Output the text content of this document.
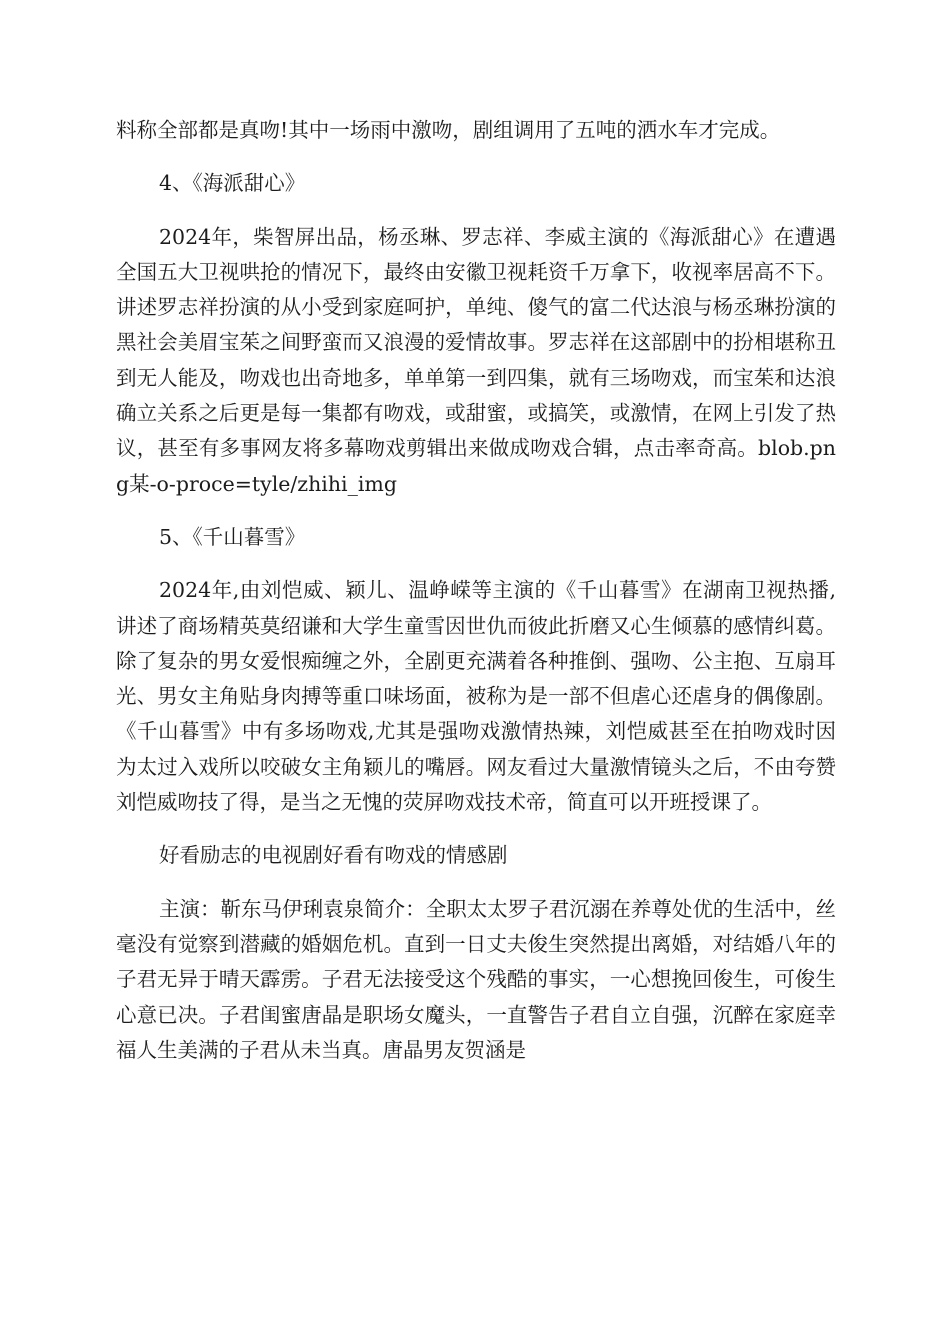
料称全部都是真吻!其中一场雨中激吻，剧组调用了五吨的洒水车才完成。

4、《海派甜心》

2024年，柴智屏出品，杨丞琳、罗志祥、李威主演的《海派甜心》在遭遇全国五大卫视哄抢的情况下，最终由安徽卫视耗资千万拿下，收视率居高不下。讲述罗志祥扮演的从小受到家庭呵护，单纯、傻气的富二代达浪与杨丞琳扮演的黑社会美眉宝茱之间野蛮而又浪漫的爱情故事。罗志祥在这部剧中的扮相堪称丑到无人能及，吻戏也出奇地多，单单第一到四集，就有三场吻戏，而宝茱和达浪确立关系之后更是每一集都有吻戏，或甜蜜，或搞笑，或激情，在网上引发了热议，甚至有多事网友将多幕吻戏剪辑出来做成吻戏合辑，点击率奇高。blob.png某-o-proce=tyle/zhihi_img

5、《千山暮雪》

2024年,由刘恺威、颖儿、温峥嵘等主演的《千山暮雪》在湖南卫视热播,讲述了商场精英莫绍谦和大学生童雪因世仇而彼此折磨又心生倾慕的感情纠葛。除了复杂的男女爱恨痴缠之外，全剧更充满着各种推倒、强吻、公主抱、互扇耳光、男女主角贴身肉搏等重口味场面，被称为是一部不但虐心还虐身的偶像剧。《千山暮雪》中有多场吻戏,尤其是强吻戏激情热辣，刘恺威甚至在拍吻戏时因为太过入戏所以咬破女主角颖儿的嘴唇。网友看过大量激情镜头之后，不由夸赞刘恺威吻技了得，是当之无愧的荧屏吻戏技术帝，简直可以开班授课了。

好看励志的电视剧好看有吻戏的情感剧

主演：靳东马伊琍袁泉简介：全职太太罗子君沉溺在养尊处优的生活中，丝毫没有觉察到潜藏的婚姻危机。直到一日丈夫俊生突然提出离婚，对结婚八年的子君无异于晴天霹雳。子君无法接受这个残酷的事实，一心想挽回俊生，可俊生心意已决。子君闺蜜唐晶是职场女魔头，一直警告子君自立自强，沉醉在家庭幸福人生美满的子君从未当真。唐晶男友贺涵是
